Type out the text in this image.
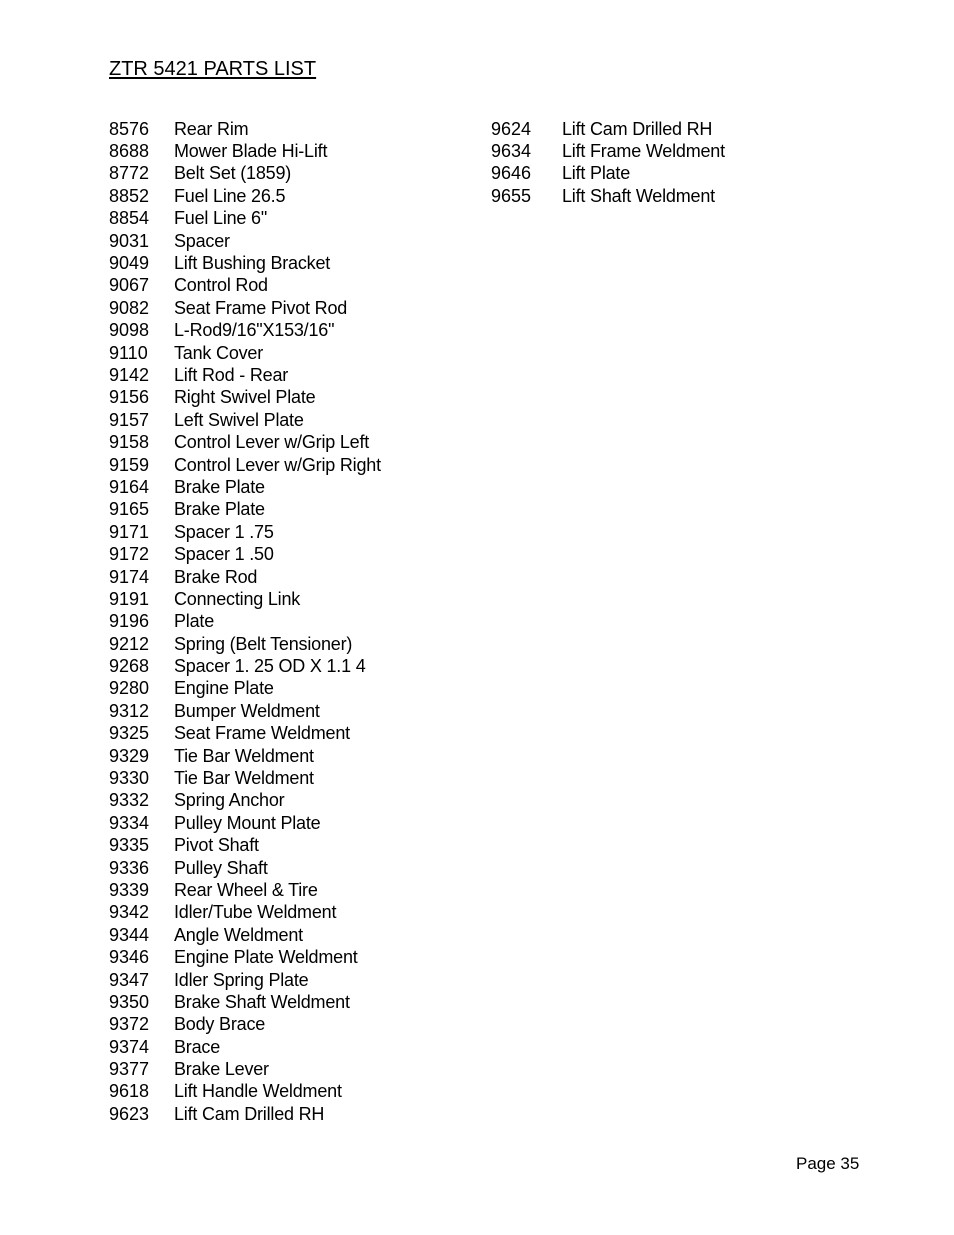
ZTR 5421 PARTS LIST
8576	Rear Rim
8688	Mower Blade Hi-Lift
8772	Belt Set (1859)
8852	Fuel Line 26.5
8854	Fuel Line 6"
9031	Spacer
9049	Lift Bushing Bracket
9067	Control Rod
9082	Seat Frame Pivot Rod
9098	L-Rod9/16"X153/16"
9110	Tank Cover
9142	Lift Rod - Rear
9156	Right Swivel Plate
9157	Left Swivel Plate
9158	Control Lever w/Grip Left
9159	Control Lever w/Grip Right
9164	Brake Plate
9165	Brake Plate
9171	Spacer 1 .75
9172	Spacer 1 .50
9174	Brake Rod
9191	Connecting Link
9196	Plate
9212	Spring (Belt Tensioner)
9268	Spacer 1. 25 OD X 1.1 4
9280	Engine Plate
9312	Bumper Weldment
9325	Seat Frame Weldment
9329	Tie Bar Weldment
9330	Tie Bar Weldment
9332	Spring Anchor
9334	Pulley Mount Plate
9335	Pivot Shaft
9336	Pulley Shaft
9339	Rear Wheel & Tire
9342	Idler/Tube Weldment
9344	Angle Weldment
9346	Engine Plate Weldment
9347	Idler Spring Plate
9350	Brake Shaft Weldment
9372	Body Brace
9374	Brace
9377	Brake Lever
9618	Lift Handle Weldment
9623	Lift Cam Drilled RH
9624	Lift Cam Drilled RH
9634	Lift Frame Weldment
9646	Lift Plate
9655	Lift Shaft Weldment
Page 35
